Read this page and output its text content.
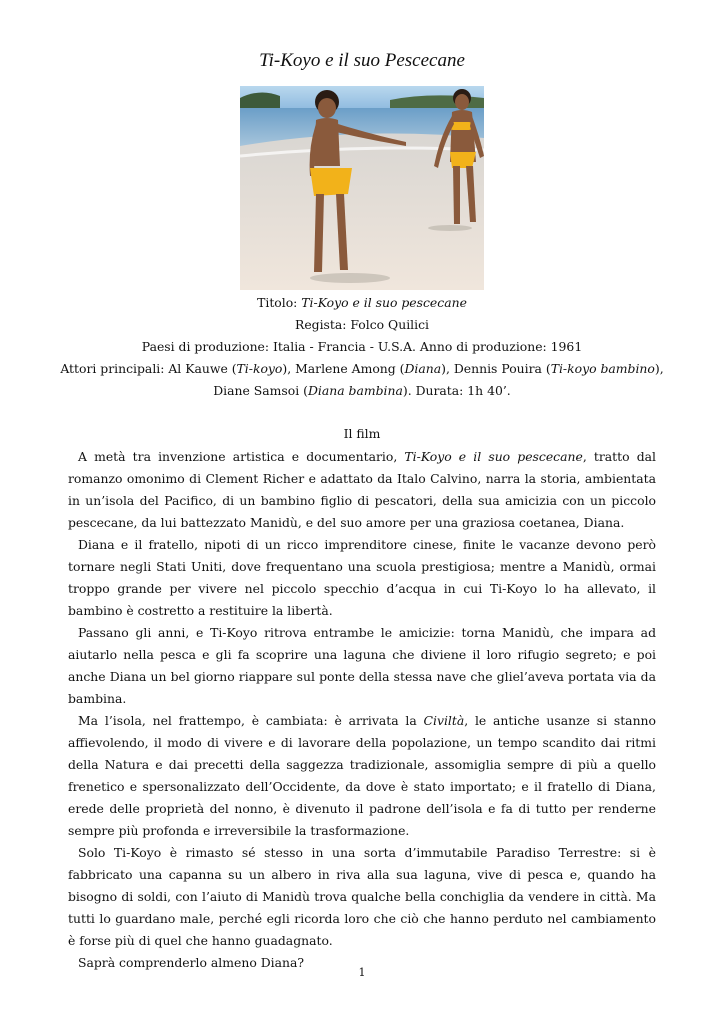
Ti-Koyo e il suo Pescecane
Titolo: Ti-Koyo e il suo pescecane
Regista: Folco Quilici
Paesi di produzione: Italia - Francia - U.S.A. Anno di produzione: 1961
Attori principali: Al Kauwe (Ti-koyo), Marlene Among (Diana), Dennis Pouira (Ti-koyo bambino),
Diane Samsoi (Diana bambina). Durata: 1h 40’.
Il film

A metà tra invenzione artistica e documentario, Ti-Koyo e il suo pescecane, tratto dal romanzo omonimo di Clement Richer e adattato da Italo Calvino, narra la storia, ambientata in un’isola del Pacifico, di un bambino figlio di pescatori, della sua amicizia con un piccolo pescecane, da lui battezzato Manidù, e del suo amore per una graziosa coetanea, Diana.

Diana e il fratello, nipoti di un ricco imprenditore cinese, finite le vacanze devono però tornare negli Stati Uniti, dove frequentano una scuola prestigiosa; mentre a Manidù, ormai troppo grande per vivere nel piccolo specchio d’acqua in cui Ti-Koyo lo ha allevato, il bambino è costretto a restituire la libertà.

Passano gli anni, e Ti-Koyo ritrova entrambe le amicizie: torna Manidù, che impara ad aiutarlo nella pesca e gli fa scoprire una laguna che diviene il loro rifugio segreto; e poi anche Diana un bel giorno riappare sul ponte della stessa nave che gliel’aveva portata via da bambina.

Ma l’isola, nel frattempo, è cambiata: è arrivata la Civiltà, le antiche usanze si stanno affievolendo, il modo di vivere e di lavorare della popolazione, un tempo scandito dai ritmi della Natura e dai precetti della saggezza tradizionale, assomiglia sempre di più a quello frenetico e spersonalizzato dell’Occidente, da dove è stato importato; e il fratello di Diana, erede delle proprietà del nonno, è divenuto il padrone dell’isola e fa di tutto per renderne sempre più profonda e irreversibile la trasformazione.

Solo Ti-Koyo è rimasto sé stesso in una sorta d’immutabile Paradiso Terrestre: si è fabbricato una capanna su un albero in riva alla sua laguna, vive di pesca e, quando ha bisogno di soldi, con l’aiuto di Manidù trova qualche bella conchiglia da vendere in città. Ma tutti lo guardano male, perché egli ricorda loro che ciò che hanno perduto nel cambiamento è forse più di quel che hanno guadagnato.

Saprà comprenderlo almeno Diana?

1
